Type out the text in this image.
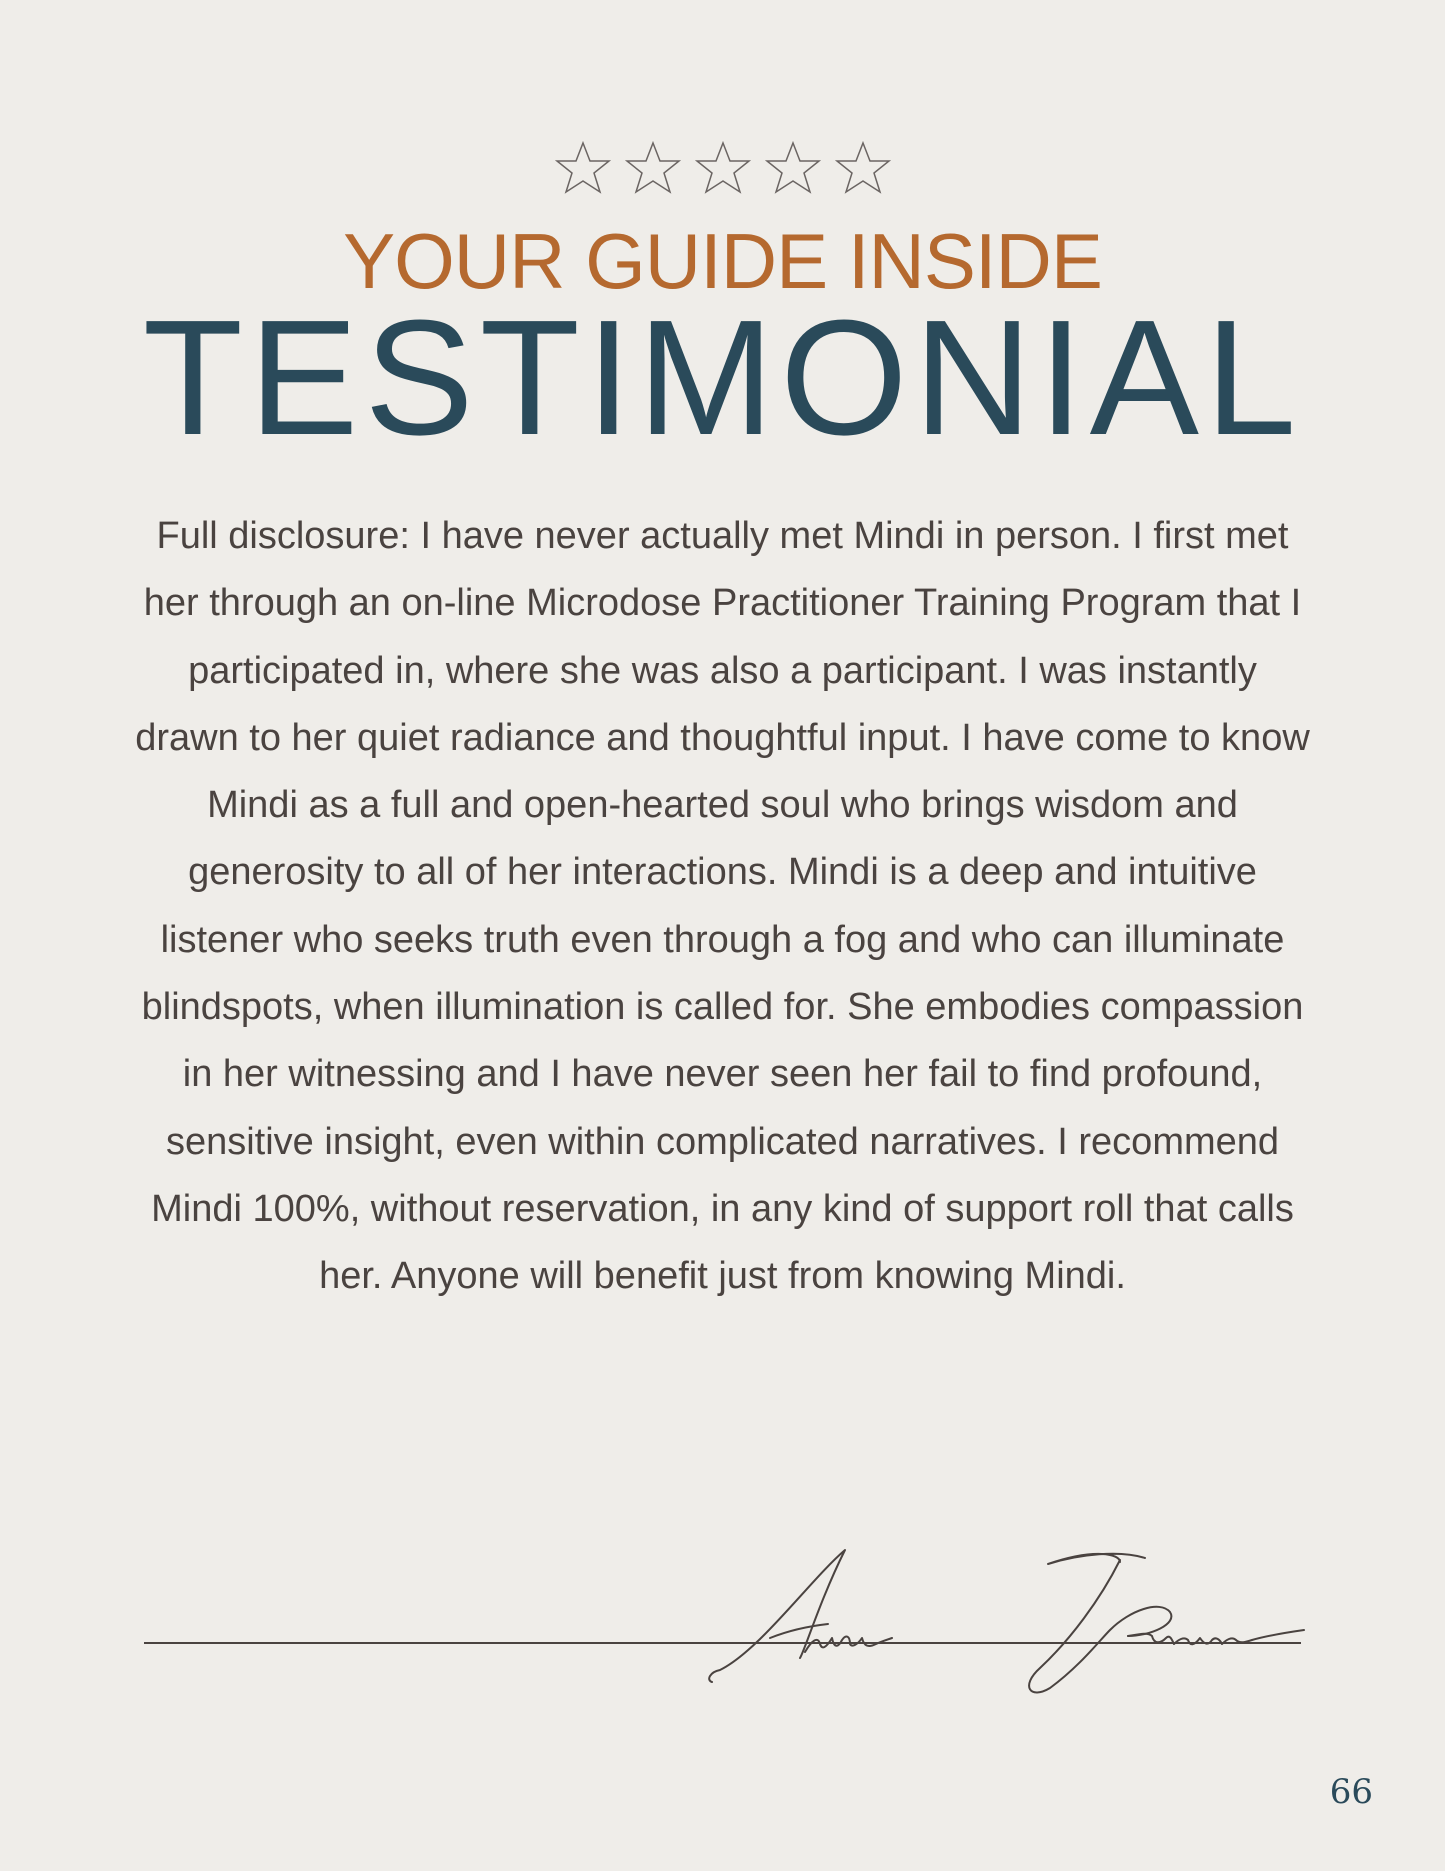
YOUR GUIDE INSIDE
TESTIMONIAL

Full disclosure: I have never actually met Mindi in person. I first met her through an on-line Microdose Practitioner Training Program that I participated in, where she was also a participant. I was instantly drawn to her quiet radiance and thoughtful input. I have come to know Mindi as a full and open-hearted soul who brings wisdom and generosity to all of her interactions. Mindi is a deep and intuitive listener who seeks truth even through a fog and who can illuminate blindspots, when illumination is called for. She embodies compassion in her witnessing and I have never seen her fail to find profound, sensitive insight, even within complicated narratives. I recommend Mindi 100%, without reservation, in any kind of support roll that calls her. Anyone will benefit just from knowing Mindi.

66
